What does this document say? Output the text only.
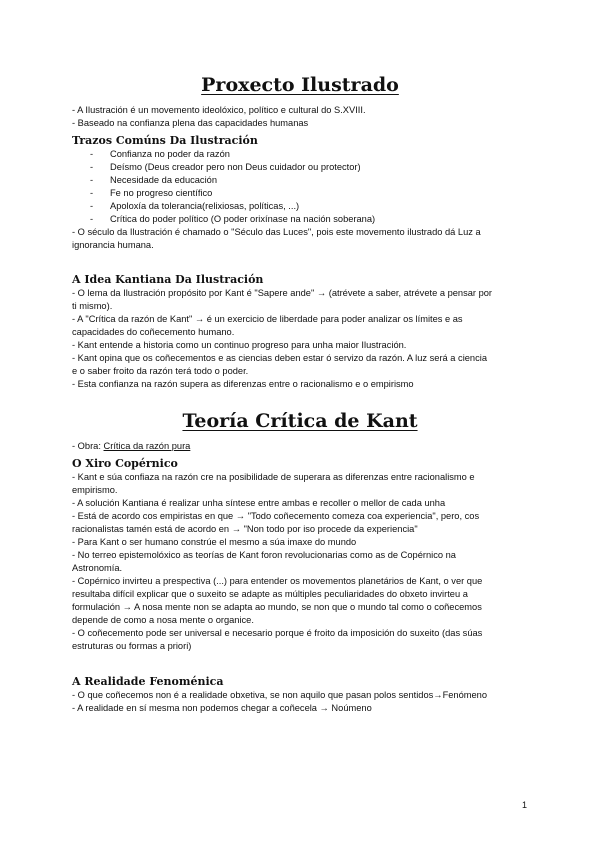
Proxecto Ilustrado

- A Ilustración é un movemento ideolóxico, político e cultural do S.XVIII.

- Baseado na confianza plena das capacidades humanas

Trazos Comúns Da Ilustración

- Confianza no poder da razón
- Deísmo (Deus creador pero non Deus cuidador ou protector)
- Necesidade da educación
- Fe no progreso científico
- Apoloxía da tolerancia(relixiosas, políticas, ...)
- Crítica do poder político (O poder orixínase na nación soberana)

- O século da Ilustración é chamado o "Século das Luces", pois este movemento ilustrado dá Luz a

ignorancia humana.

A Idea Kantiana Da Ilustración

- O lema da Ilustración propósito por Kant é "Sapere ande" → (atrévete a saber, atrévete a pensar por

ti mismo).

- A "Crítica da razón de Kant" → é un exercicio de liberdade para poder analizar os límites e as

capacidades do coñecemento humano.

- Kant entende a historia como un continuo progreso para unha maior Ilustración.

- Kant opina que os coñecementos e as ciencias deben estar ó servizo da razón. A luz será a ciencia

e o saber froito da razón terá todo o poder.

- Esta confianza na razón supera as diferenzas entre o racionalismo e o empirismo

Teoría Crítica de Kant

- Obra: Crítica da razón pura

O Xiro Copérnico

- Kant e súa confiaza na razón cre na posibilidade de superara as diferenzas entre racionalismo e

empirismo.

- A solución Kantiana é realizar unha síntese entre ambas e recoller o mellor de cada unha

- Está de acordo cos empiristas en que → "Todo coñecemento comeza coa experiencia", pero, cos

racionalistas tamén está de acordo en → "Non todo por iso procede da experiencia"

- Para Kant o ser humano constrúe el mesmo a súa imaxe do mundo

- No terreo epistemolóxico as teorías de Kant foron revolucionarias como as de Copérnico na

Astronomía.

- Copérnico invirteu a prespectiva (...) para entender os movementos planetários de Kant, o ver que

resultaba difícil explicar que o suxeito se adapte as múltiples peculiaridades do obxeto invirteu a

formulación → A nosa mente non se adapta ao mundo, se non que o mundo tal como o coñecemos

depende de como a nosa mente o organice.

- O coñecemento pode ser universal e necesario porque é froito da imposición do suxeito (das súas

estruturas ou formas a priori)

A Realidade Fenoménica

- O que coñecemos non é a realidade obxetiva, se non aquilo que pasan polos sentidos→Fenómeno

- A realidade en sí mesma non podemos chegar a coñecela → Noúmeno

1
